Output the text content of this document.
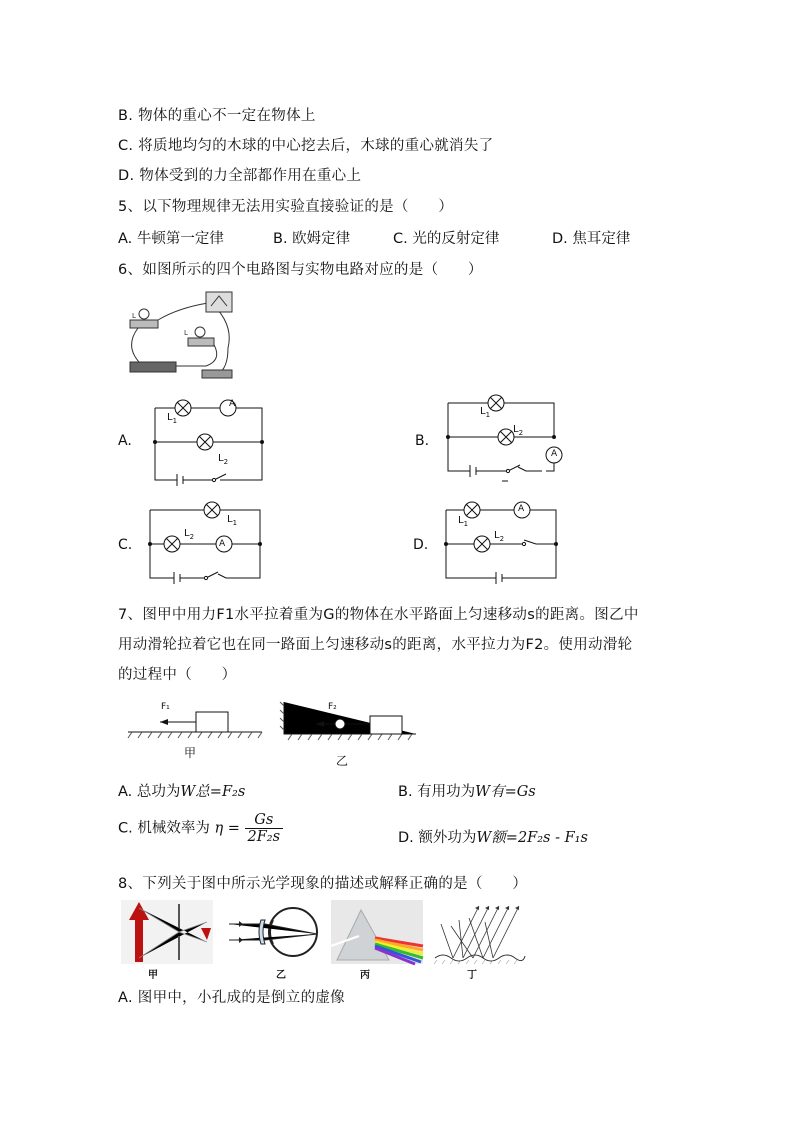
B. 物体的重心不一定在物体上
C. 将质地均匀的木球的中心挖去后，木球的重心就消失了
D. 物体受到的力全部都作用在重心上
5、以下物理规律无法用实验直接验证的是（　　）
A. 牛顿第一定律	B. 欧姆定律	C. 光的反射定律	D. 焦耳定律
6、如图所示的四个电路图与实物电路对应的是（　　）
L
L
A.
A
$L_1$
$L_2$
B.
A
$L_1$
$L_2$
C.	A
$L_1$
$L_2$	D.
A
$L_1$
$L_2$
7、图甲中用力F1水平拉着重为G的物体在水平路面上匀速移动s的距离。图乙中
用动滑轮拉着它也在同一路面上匀速移动s的距离，水平拉力为F2。使用动滑轮
的过程中（　　）
F₁
甲
F₂
乙
A. 总功为W总=F₂s	B. 有用功为W有=Gs
C. 机械效率为 $\eta = \frac{Gs}{\text{2F₂s}}$	D. 额外功为W额=2F₂s - F₁s
8、下列关于图中所示光学现象的描述或解释正确的是（　　）
甲	乙	丙	丁
A. 图甲中，小孔成的是倒立的虚像
